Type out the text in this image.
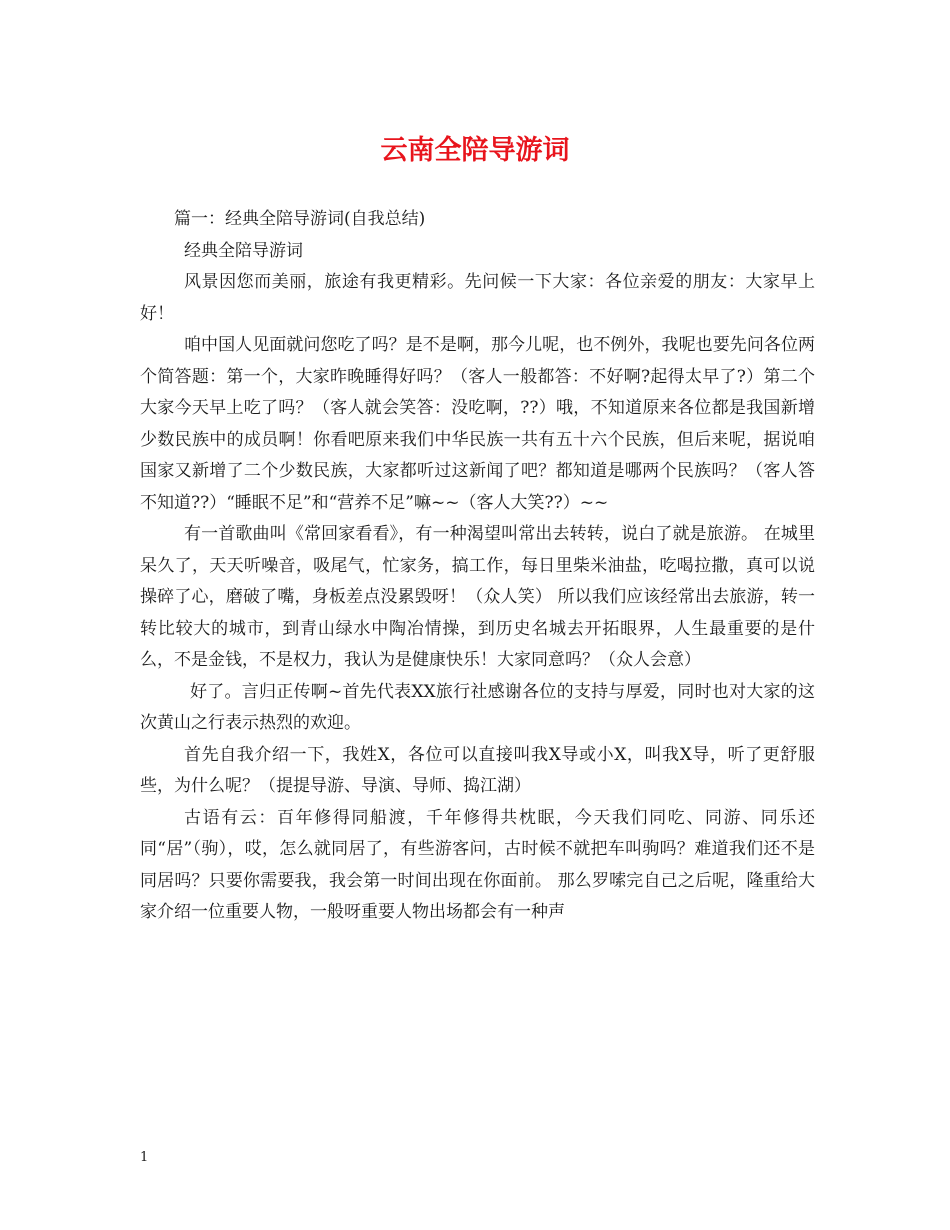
云南全陪导游词

篇一：经典全陪导游词(自我总结)

经典全陪导游词

风景因您而美丽，旅途有我更精彩。先问候一下大家：各位亲爱的朋友：大家早上好！

咱中国人见面就问您吃了吗？是不是啊，那今儿呢，也不例外，我呢也要先问各位两个简答题：第一个，大家昨晚睡得好吗？（客人一般都答：不好啊?起得太早了?）第二个大家今天早上吃了吗？（客人就会笑答：没吃啊，??）哦，不知道原来各位都是我国新增少数民族中的成员啊！你看吧原来我们中华民族一共有五十六个民族，但后来呢，据说咱国家又新增了二个少数民族，大家都听过这新闻了吧？都知道是哪两个民族吗？（客人答不知道??）“睡眠不足”和“营养不足”嘛~~（客人大笑??）~~

有一首歌曲叫《常回家看看》，有一种渴望叫常出去转转，说白了就是旅游。 在城里呆久了，天天听噪音，吸尾气，忙家务，搞工作，每日里柴米油盐，吃喝拉撒，真可以说操碎了心，磨破了嘴，身板差点没累毁呀！（众人笑） 所以我们应该经常出去旅游，转一转比较大的城市，到青山绿水中陶冶情操，到历史名城去开拓眼界，人生最重要的是什么，不是金钱，不是权力，我认为是健康快乐！大家同意吗？（众人会意）

好了。言归正传啊~首先代表XX旅行社感谢各位的支持与厚爱，同时也对大家的这次黄山之行表示热烈的欢迎。

首先自我介绍一下，我姓X，各位可以直接叫我X导或小X，叫我X导，听了更舒服些，为什么呢？（提提导游、导演、导师、捣江湖）

古语有云：百年修得同船渡，千年修得共枕眠，今天我们同吃、同游、同乐还同“居”（驹），哎，怎么就同居了，有些游客问，古时候不就把车叫驹吗？难道我们还不是同居吗？只要你需要我，我会第一时间出现在你面前。 那么罗嗦完自己之后呢，隆重给大家介绍一位重要人物，一般呀重要人物出场都会有一种声

1
